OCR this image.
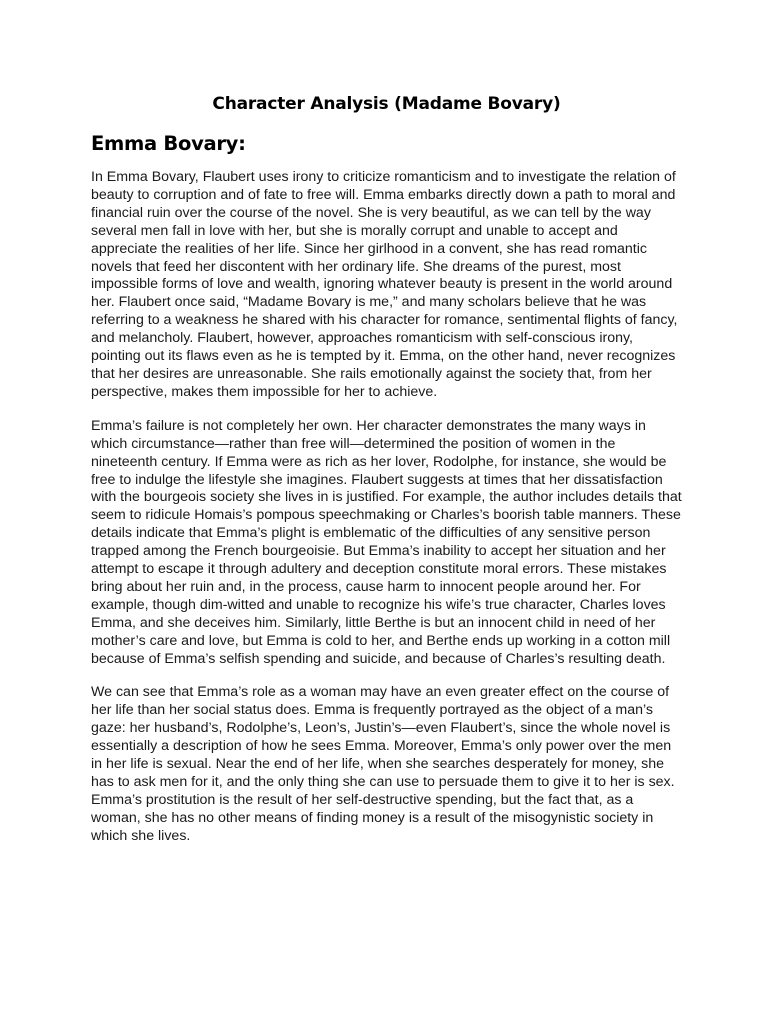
Character Analysis (Madame Bovary)
Emma Bovary:

In Emma Bovary, Flaubert uses irony to criticize romanticism and to investigate the relation of beauty to corruption and of fate to free will. Emma embarks directly down a path to moral and financial ruin over the course of the novel. She is very beautiful, as we can tell by the way several men fall in love with her, but she is morally corrupt and unable to accept and appreciate the realities of her life. Since her girlhood in a convent, she has read romantic novels that feed her discontent with her ordinary life. She dreams of the purest, most impossible forms of love and wealth, ignoring whatever beauty is present in the world around her. Flaubert once said, “Madame Bovary is me,” and many scholars believe that he was referring to a weakness he shared with his character for romance, sentimental flights of fancy, and melancholy. Flaubert, however, approaches romanticism with self-conscious irony, pointing out its flaws even as he is tempted by it. Emma, on the other hand, never recognizes that her desires are unreasonable. She rails emotionally against the society that, from her perspective, makes them impossible for her to achieve.

Emma’s failure is not completely her own. Her character demonstrates the many ways in which circumstance—rather than free will—determined the position of women in the nineteenth century. If Emma were as rich as her lover, Rodolphe, for instance, she would be free to indulge the lifestyle she imagines. Flaubert suggests at times that her dissatisfaction with the bourgeois society she lives in is justified. For example, the author includes details that seem to ridicule Homais’s pompous speechmaking or Charles’s boorish table manners. These details indicate that Emma’s plight is emblematic of the difficulties of any sensitive person trapped among the French bourgeoisie. But Emma’s inability to accept her situation and her attempt to escape it through adultery and deception constitute moral errors. These mistakes bring about her ruin and, in the process, cause harm to innocent people around her. For example, though dim-witted and unable to recognize his wife’s true character, Charles loves Emma, and she deceives him. Similarly, little Berthe is but an innocent child in need of her mother’s care and love, but Emma is cold to her, and Berthe ends up working in a cotton mill because of Emma’s selfish spending and suicide, and because of Charles’s resulting death.

We can see that Emma’s role as a woman may have an even greater effect on the course of her life than her social status does. Emma is frequently portrayed as the object of a man’s gaze: her husband’s, Rodolphe’s, Leon’s, Justin’s—even Flaubert’s, since the whole novel is essentially a description of how he sees Emma. Moreover, Emma’s only power over the men in her life is sexual. Near the end of her life, when she searches desperately for money, she has to ask men for it, and the only thing she can use to persuade them to give it to her is sex. Emma’s prostitution is the result of her self-destructive spending, but the fact that, as a woman, she has no other means of finding money is a result of the misogynistic society in which she lives.
